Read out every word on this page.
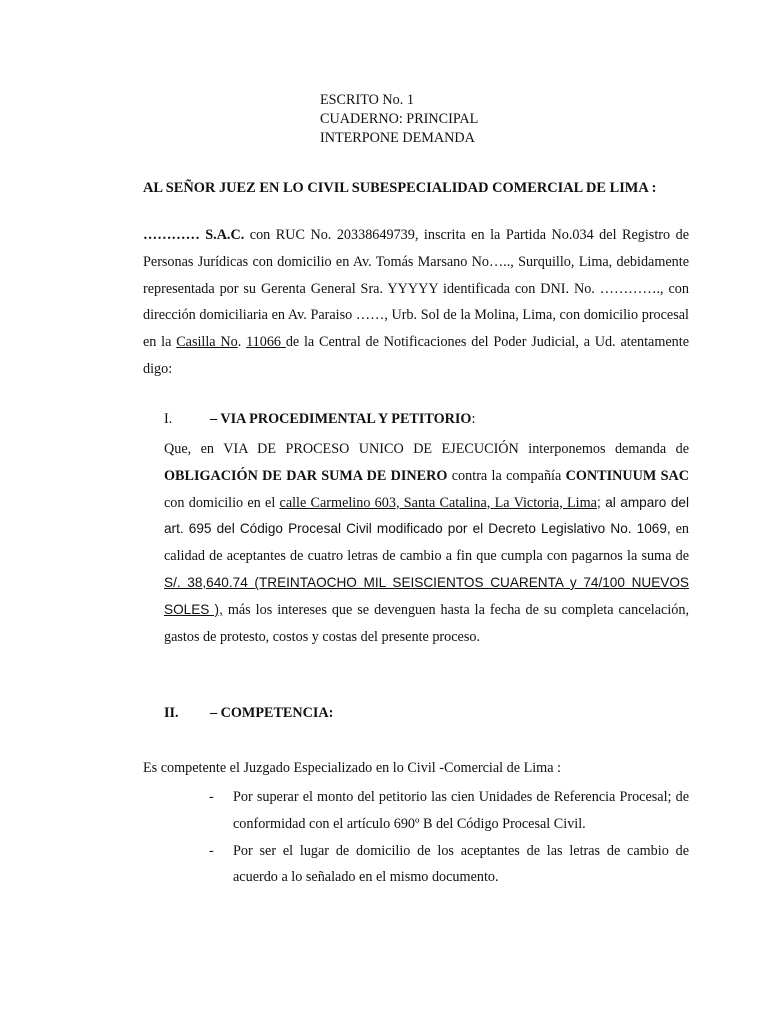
ESCRITO No. 1
CUADERNO: PRINCIPAL
INTERPONE DEMANDA
AL SEÑOR JUEZ EN LO CIVIL SUBESPECIALIDAD COMERCIAL DE LIMA :
………… S.A.C. con RUC No. 20338649739, inscrita en la Partida No.034 del Registro de Personas Jurídicas con domicilio en Av. Tomás Marsano No….., Surquillo, Lima, debidamente representada por su Gerenta General Sra. YYYYY identificada con DNI. No. …………., con dirección domiciliaria en Av. Paraiso ……, Urb. Sol de la Molina, Lima, con domicilio procesal en la Casilla No. 11066 de la Central de Notificaciones del Poder Judicial, a Ud. atentamente digo:
I.	– VIA PROCEDIMENTAL Y PETITORIO:
Que, en VIA DE PROCESO UNICO DE EJECUCIÓN interponemos demanda de OBLIGACIÓN DE DAR SUMA DE DINERO contra la compañía CONTINUUM SAC con domicilio en el calle Carmelino 603, Santa Catalina, La Victoria, Lima; al amparo del art. 695 del Código Procesal Civil modificado por el Decreto Legislativo No. 1069, en calidad de aceptantes de cuatro letras de cambio a fin que cumpla con pagarnos la suma de S/. 38,640.74 (TREINTAOCHO MIL SEISCIENTOS CUARENTA y 74/100 NUEVOS SOLES ), más los intereses que se devenguen hasta la fecha de su completa cancelación, gastos de protesto, costos y costas del presente proceso.
II. – COMPETENCIA:
Es competente el Juzgado Especializado en lo Civil -Comercial de Lima :
- Por superar el monto del petitorio las cien Unidades de Referencia Procesal; de conformidad con el artículo 690º B del Código Procesal Civil.
- Por ser el lugar de domicilio de los aceptantes de las letras de cambio de acuerdo a lo señalado en el mismo documento.
